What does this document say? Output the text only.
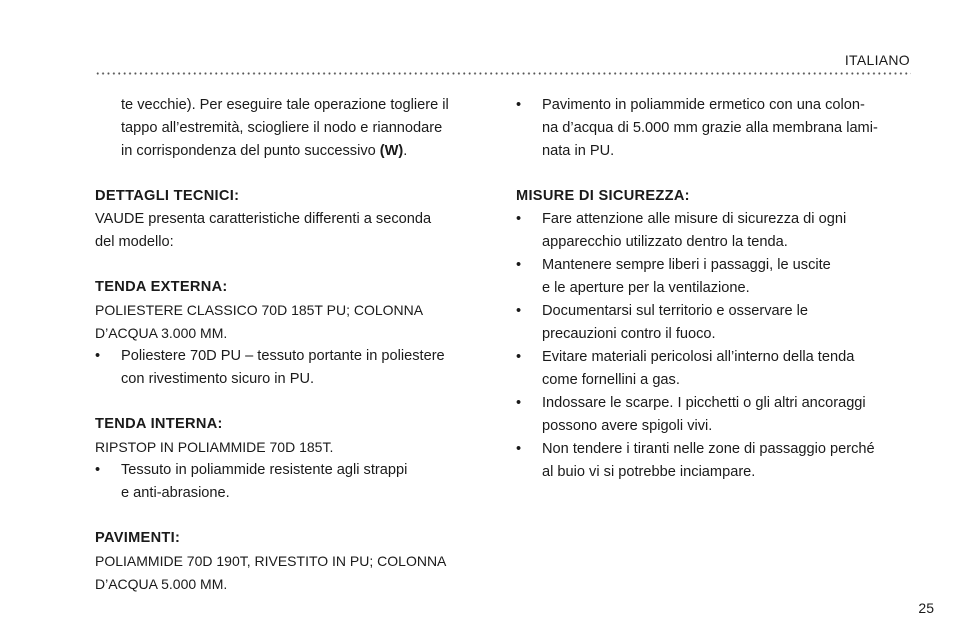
ITALIANO
te vecchie). Per eseguire tale operazione togliere il
tappo all’estremità, sciogliere il nodo e riannodare
in corrispondenza del punto successivo (W).
DETTAGLI TECNICI:
VAUDE presenta caratteristiche differenti a seconda
del modello:
TENDA EXTERNA:
POLIESTERE CLASSICO 70D 185T PU; COLONNA
D’ACQUA 3.000 MM.
• Poliestere 70D PU – tessuto portante in poliestere
con rivestimento sicuro in PU.
TENDA INTERNA:
RIPSTOP IN POLIAMMIDE 70D 185T.
• Tessuto in poliammide resistente agli strappi
e anti-abrasione.
PAVIMENTI:
POLIAMMIDE 70D 190T, RIVESTITO IN PU; COLONNA
D’ACQUA 5.000 MM.
• Pavimento in poliammide ermetico con una colon-
na d’acqua di 5.000 mm grazie alla membrana lami-
nata in PU.
MISURE DI SICUREZZA:
• Fare attenzione alle misure di sicurezza di ogni
apparecchio utilizzato dentro la tenda.
• Mantenere sempre liberi i passaggi, le uscite
e le aperture per la ventilazione.
• Documentarsi sul territorio e osservare le
precauzioni contro il fuoco.
• Evitare materiali pericolosi all’interno della tenda
come fornellini a gas.
• Indossare le scarpe. I picchetti o gli altri ancoraggi
possono avere spigoli vivi.
• Non tendere i tiranti nelle zone di passaggio perché
al buio vi si potrebbe inciampare.
25
